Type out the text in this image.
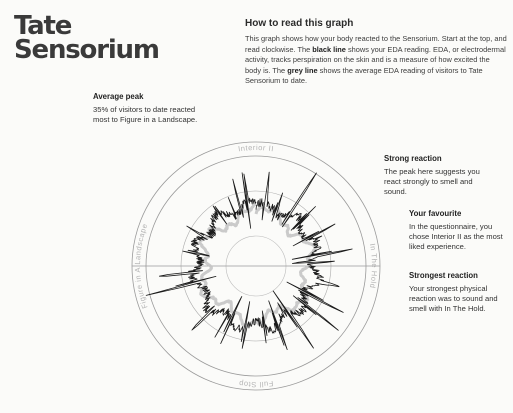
Tate
Sensorium
How to read this graph
This graph shows how your body reacted to the Sensorium. Start at the top, and read clockwise. The black line shows your EDA reading. EDA, or electrodermal activity, tracks perspiration on the skin and is a measure of how excited the body is. The grey line shows the average EDA reading of visitors to Tate Sensorium to date.
Average peak
35% of visitors to date reacted most to Figure in a Landscape.
Strong reaction
The peak here suggests you react strongly to smell and sound.
Your favourite
In the questionnaire, you chose Interior II as the most liked experience.
Strongest reaction
Your strongest physical reaction was to sound and smell with In The Hold.
Interior II
In The Hold
Full Stop
Figure in A Landscape
